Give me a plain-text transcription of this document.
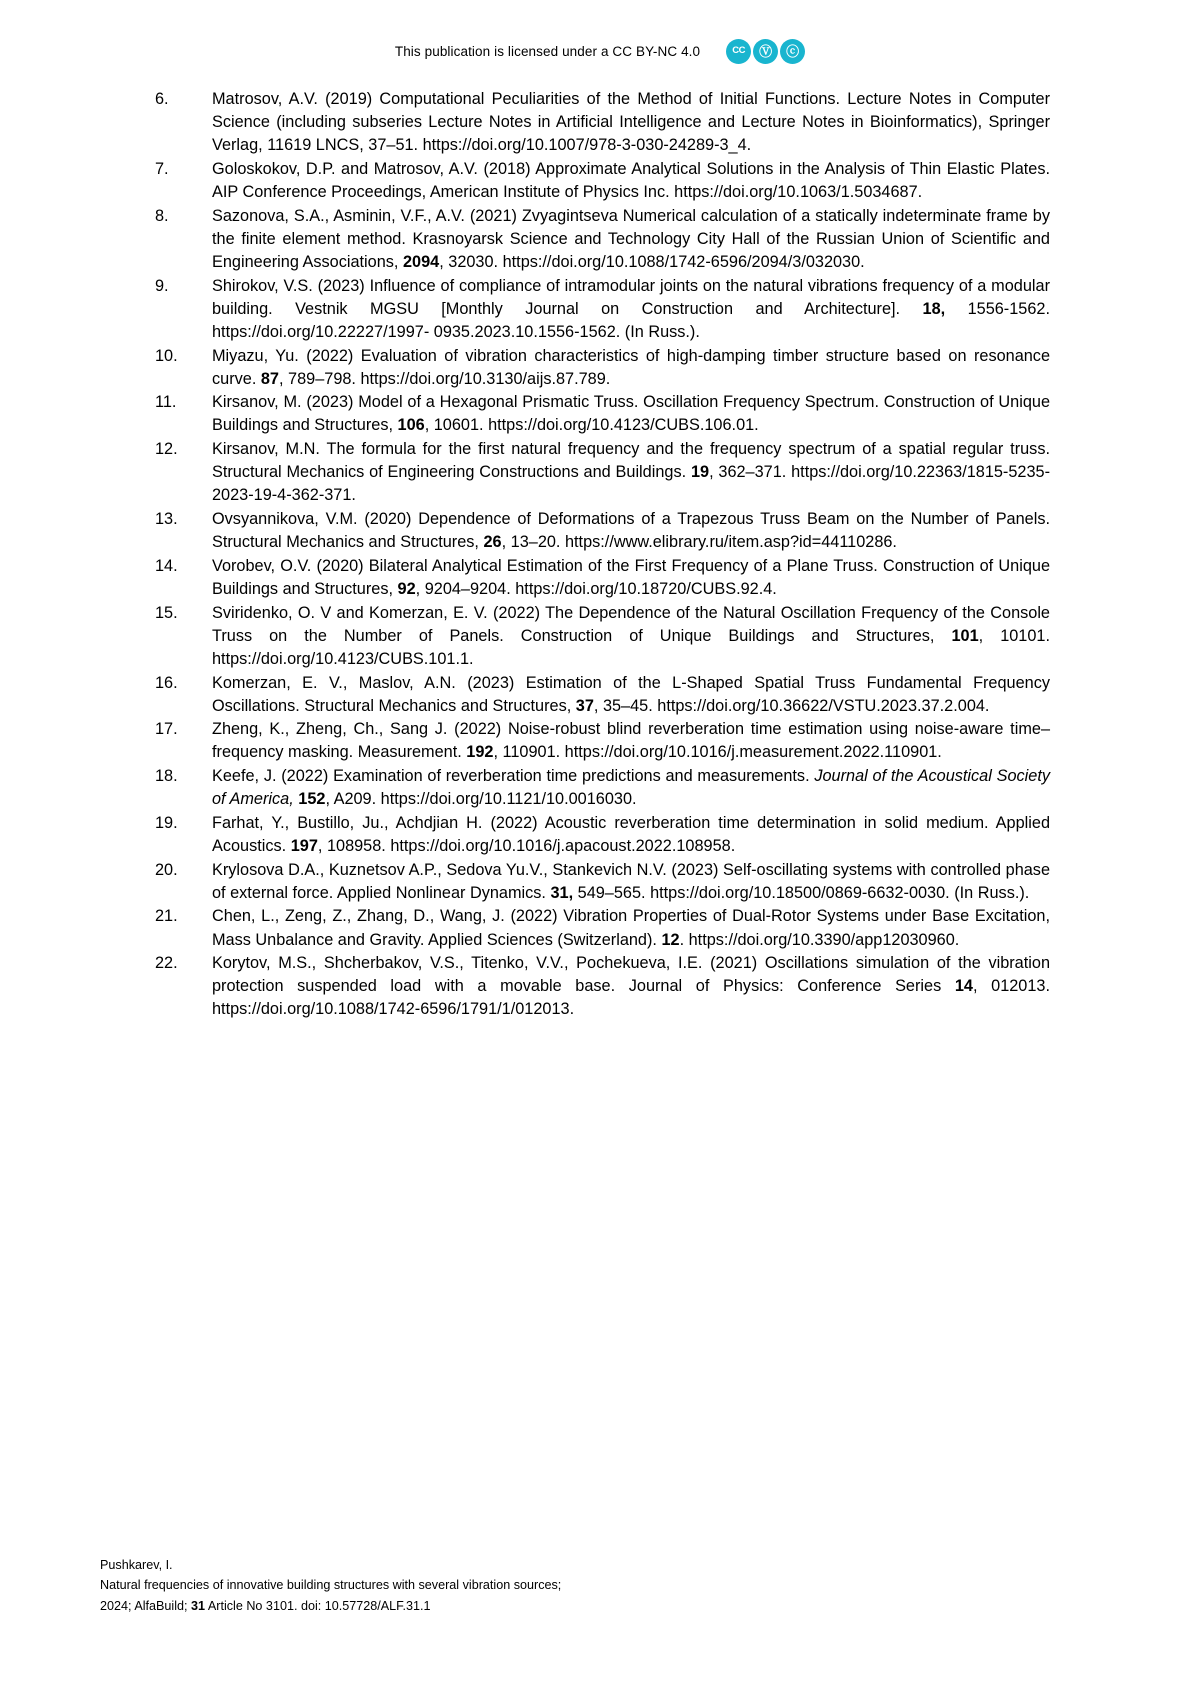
This publication is licensed under a CC BY-NC 4.0	CC	Ⓥ	ⓒ
6.	Matrosov, A.V. (2019) Computational Peculiarities of the Method of Initial Functions. Lecture Notes in Computer Science (including subseries Lecture Notes in Artificial Intelligence and Lecture Notes in Bioinformatics), Springer Verlag, 11619 LNCS, 37–51. https://doi.org/10.1007/978-3-030-24289-3_4.
7.	Goloskokov, D.P. and Matrosov, A.V. (2018) Approximate Analytical Solutions in the Analysis of Thin Elastic Plates. AIP Conference Proceedings, American Institute of Physics Inc. https://doi.org/10.1063/1.5034687.
8.	Sazonova, S.A., Asminin, V.F., A.V. (2021) Zvyagintseva Numerical calculation of a statically indeterminate frame by the finite element method. Krasnoyarsk Science and Technology City Hall of the Russian Union of Scientific and Engineering Associations, 2094, 32030. https://doi.org/10.1088/1742-6596/2094/3/032030.
9.	Shirokov, V.S. (2023) Influence of compliance of intramodular joints on the natural vibrations frequency of a modular building. Vestnik MGSU [Monthly Journal on Construction and Architecture]. 18, 1556-1562. https://doi.org/10.22227/1997- 0935.2023.10.1556-1562. (In Russ.).
10.	Miyazu, Yu. (2022) Evaluation of vibration characteristics of high-damping timber structure based on resonance curve. 87, 789–798. https://doi.org/10.3130/aijs.87.789.
11.	Kirsanov, M. (2023) Model of a Hexagonal Prismatic Truss. Oscillation Frequency Spectrum. Construction of Unique Buildings and Structures, 106, 10601. https://doi.org/10.4123/CUBS.106.01.
12.	Kirsanov, M.N. The formula for the first natural frequency and the frequency spectrum of a spatial regular truss. Structural Mechanics of Engineering Constructions and Buildings. 19, 362–371. https://doi.org/10.22363/1815-5235-2023-19-4-362-371.
13.	Ovsyannikova, V.M. (2020) Dependence of Deformations of a Trapezous Truss Beam on the Number of Panels. Structural Mechanics and Structures, 26, 13–20. https://www.elibrary.ru/item.asp?id=44110286.
14.	Vorobev, O.V. (2020) Bilateral Analytical Estimation of the First Frequency of a Plane Truss. Construction of Unique Buildings and Structures, 92, 9204–9204. https://doi.org/10.18720/CUBS.92.4.
15.	Sviridenko, O. V and Komerzan, E. V. (2022) The Dependence of the Natural Oscillation Frequency of the Console Truss on the Number of Panels. Construction of Unique Buildings and Structures, 101, 10101. https://doi.org/10.4123/CUBS.101.1.
16.	Komerzan, E. V., Maslov, A.N. (2023) Estimation of the L-Shaped Spatial Truss Fundamental Frequency Oscillations. Structural Mechanics and Structures, 37, 35–45. https://doi.org/10.36622/VSTU.2023.37.2.004.
17.	Zheng, K., Zheng, Ch., Sang J. (2022) Noise-robust blind reverberation time estimation using noise-aware time–frequency masking. Measurement. 192, 110901. https://doi.org/10.1016/j.measurement.2022.110901.
18.	Keefe, J. (2022) Examination of reverberation time predictions and measurements. Journal of the Acoustical Society of America, 152, A209. https://doi.org/10.1121/10.0016030.
19.	Farhat, Y., Bustillo, Ju., Achdjian H. (2022) Acoustic reverberation time determination in solid medium. Applied Acoustics. 197, 108958. https://doi.org/10.1016/j.apacoust.2022.108958.
20.	Krylosova D.A., Kuznetsov A.P., Sedova Yu.V., Stankevich N.V. (2023) Self-oscillating systems with controlled phase of external force. Applied Nonlinear Dynamics. 31, 549–565. https://doi.org/10.18500/0869-6632-0030. (In Russ.).
21.	Chen, L., Zeng, Z., Zhang, D., Wang, J. (2022) Vibration Properties of Dual-Rotor Systems under Base Excitation, Mass Unbalance and Gravity. Applied Sciences (Switzerland). 12. https://doi.org/10.3390/app12030960.
22.	Korytov, M.S., Shcherbakov, V.S., Titenko, V.V., Pochekueva, I.E. (2021) Oscillations simulation of the vibration protection suspended load with a movable base. Journal of Physics: Conference Series 14, 012013. https://doi.org/10.1088/1742-6596/1791/1/012013.
Pushkarev, I.
Natural frequencies of innovative building structures with several vibration sources;
2024; AlfaBuild; 31 Article No 3101. doi: 10.57728/ALF.31.1
